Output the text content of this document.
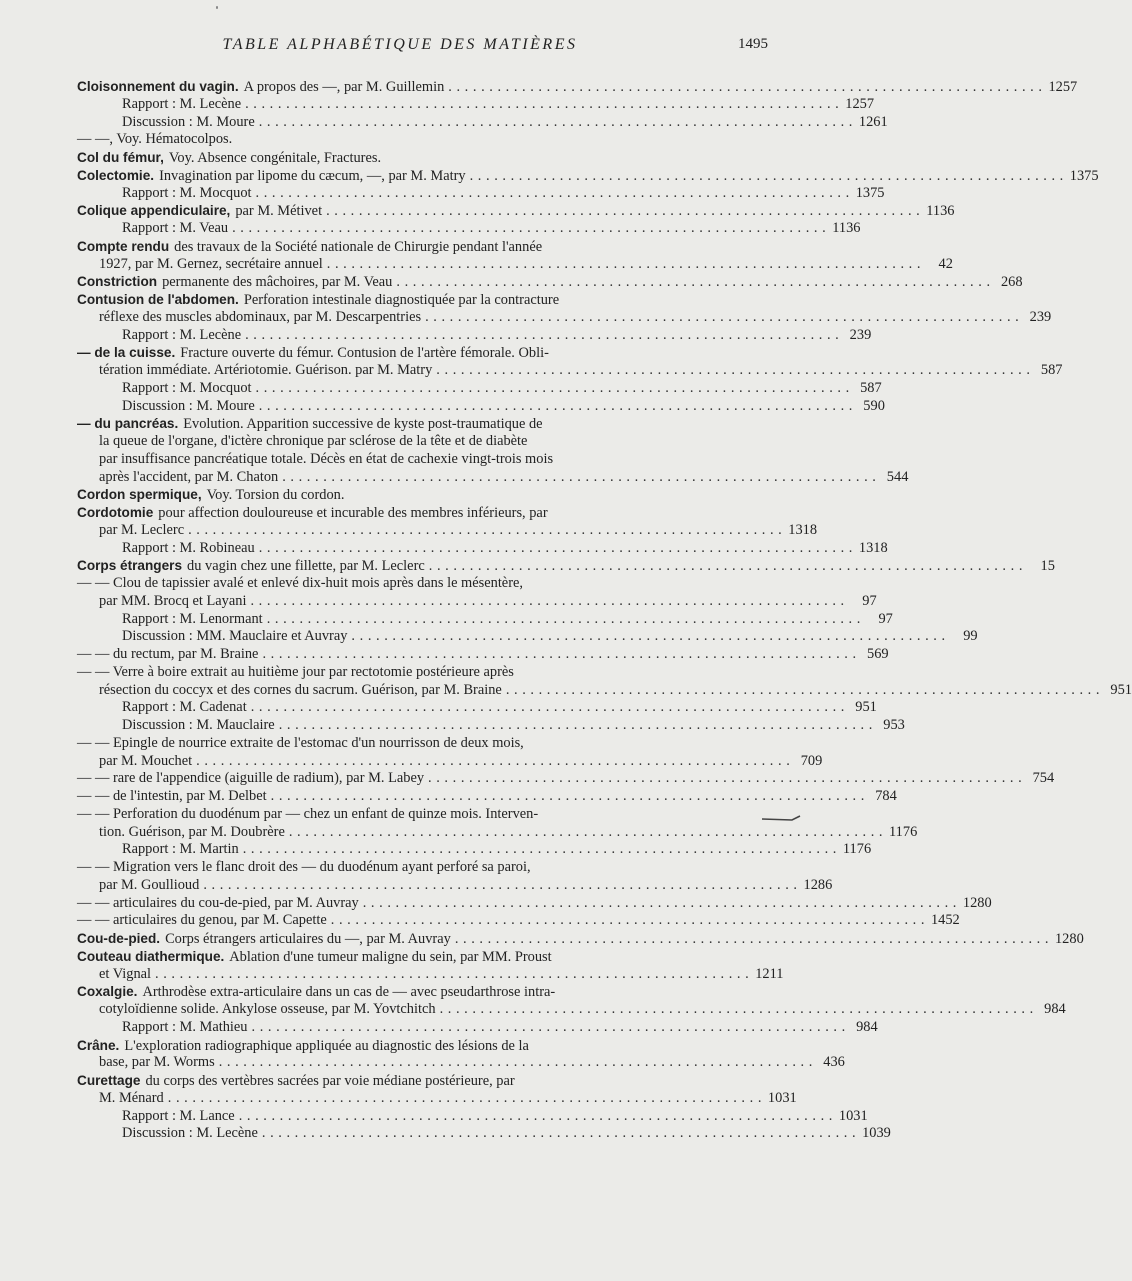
TABLE ALPHABÉTIQUE DES MATIÈRES	1495
Cloisonnement du vagin. A propos des —, par M. Guillemin . . .	1257
Rapport : M. Lecène . . .	1257
Discussion : M. Moure . . .	1261
— —, Voy. Hématocolpos.
Col du fémur, Voy. Absence congénitale, Fractures.
Colectomie. Invagination par lipome du cæcum, —, par M. Matry . . .	1375
Rapport : M. Mocquot . . .	1375
Colique appendiculaire, par M. Métivet . . .	1136
Rapport : M. Veau . . .	1136
Compte rendu des travaux de la Société nationale de Chirurgie pendant l'année
1927, par M. Gernez, secrétaire annuel . . .	42
Constriction permanente des mâchoires, par M. Veau . . .	268
Contusion de l'abdomen. Perforation intestinale diagnostiquée par la contracture
réflexe des muscles abdominaux, par M. Descarpentries . . .	239
Rapport : M. Lecène . . .	239
— de la cuisse. Fracture ouverte du fémur. Contusion de l'artère fémorale. Obli-
tération immédiate. Artériotomie. Guérison. par M. Matry . . .	587
Rapport : M. Mocquot . . .	587
Discussion : M. Moure . . .	590
— du pancréas. Evolution. Apparition successive de kyste post-traumatique de
la queue de l'organe, d'ictère chronique par sclérose de la tête et de diabète
par insuffisance pancréatique totale. Décès en état de cachexie vingt-trois mois
après l'accident, par M. Chaton . . .	544
Cordon spermique, Voy. Torsion du cordon.
Cordotomie pour affection douloureuse et incurable des membres inférieurs, par
par M. Leclerc . . .	1318
Rapport : M. Robineau . . .	1318
Corps étrangers du vagin chez une fillette, par M. Leclerc . . .	15
— — Clou de tapissier avalé et enlevé dix-huit mois après dans le mésentère,
par MM. Brocq et Layani . . .	97
Rapport : M. Lenormant . . .	97
Discussion : MM. Mauclaire et Auvray . . .	99
— — du rectum, par M. Braine . . .	569
— — Verre à boire extrait au huitième jour par rectotomie postérieure après
résection du coccyx et des cornes du sacrum. Guérison, par M. Braine . . .	951
Rapport : M. Cadenat . . .	951
Discussion : M. Mauclaire . . .	953
— — Epingle de nourrice extraite de l'estomac d'un nourrisson de deux mois,
par M. Mouchet . . .	709
— — rare de l'appendice (aiguille de radium), par M. Labey . . .	754
— — de l'intestin, par M. Delbet . . .	784
— — Perforation du duodénum par — chez un enfant de quinze mois. Interven-
tion. Guérison, par M. Doubrère . . .	1176
Rapport : M. Martin . . .	1176
— — Migration vers le flanc droit des — du duodénum ayant perforé sa paroi,
par M. Goullioud . . .	1286
— — articulaires du cou-de-pied, par M. Auvray . . .	1280
— — articulaires du genou, par M. Capette . . .	1452
Cou-de-pied. Corps étrangers articulaires du —, par M. Auvray . . .	1280
Couteau diathermique. Ablation d'une tumeur maligne du sein, par MM. Proust
et Vignal . . .	1211
Coxalgie. Arthrodèse extra-articulaire dans un cas de — avec pseudarthrose intra-
cotyloïdienne solide. Ankylose osseuse, par M. Yovtchitch . . .	984
Rapport : M. Mathieu . . .	984
Crâne. L'exploration radiographique appliquée au diagnostic des lésions de la
base, par M. Worms . . .	436
Curettage du corps des vertèbres sacrées par voie médiane postérieure, par
M. Ménard . . .	1031
Rapport : M. Lance . . .	1031
Discussion : M. Lecène . . .	1039
